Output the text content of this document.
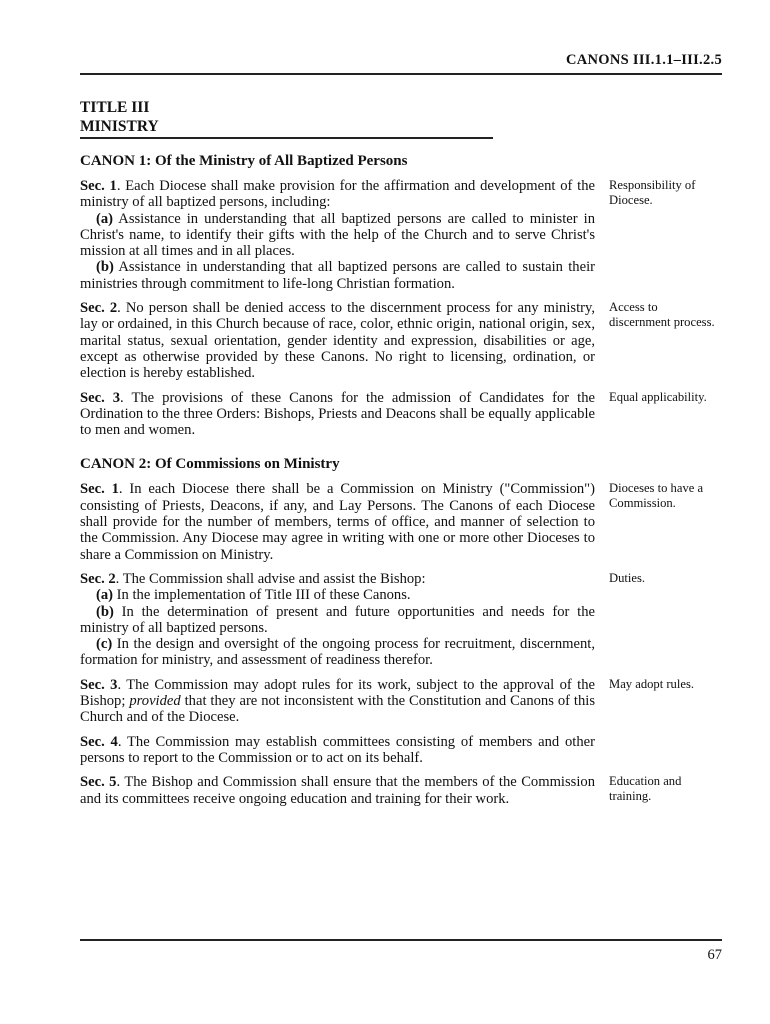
CANONS III.1.1–III.2.5
TITLE III
MINISTRY
CANON 1: Of the Ministry of All Baptized Persons

Sec. 1. Each Diocese shall make provision for the affirmation and development of the ministry of all baptized persons, including:

(a) Assistance in understanding that all baptized persons are called to minister in Christ's name, to identify their gifts with the help of the Church and to serve Christ's mission at all times and in all places.

(b) Assistance in understanding that all baptized persons are called to sustain their ministries through commitment to life-long Christian formation.

Responsibility of Diocese.

Sec. 2. No person shall be denied access to the discernment process for any ministry, lay or ordained, in this Church because of race, color, ethnic origin, national origin, sex, marital status, sexual orientation, gender identity and expression, disabilities or age, except as otherwise provided by these Canons. No right to licensing, ordination, or election is hereby established.

Access to discernment process.

Sec. 3. The provisions of these Canons for the admission of Candidates for the Ordination to the three Orders: Bishops, Priests and Deacons shall be equally applicable to men and women.

Equal applicability.
CANON 2: Of Commissions on Ministry

Sec. 1. In each Diocese there shall be a Commission on Ministry ("Commission") consisting of Priests, Deacons, if any, and Lay Persons. The Canons of each Diocese shall provide for the number of members, terms of office, and manner of selection to the Commission. Any Diocese may agree in writing with one or more other Dioceses to share a Commission on Ministry.

Dioceses to have a Commission.

Sec. 2. The Commission shall advise and assist the Bishop:

(a) In the implementation of Title III of these Canons.

(b) In the determination of present and future opportunities and needs for the ministry of all baptized persons.

(c) In the design and oversight of the ongoing process for recruitment, discernment, formation for ministry, and assessment of readiness therefor.

Duties.

Sec. 3. The Commission may adopt rules for its work, subject to the approval of the Bishop; provided that they are not inconsistent with the Constitution and Canons of this Church and of the Diocese.

May adopt rules.

Sec. 4. The Commission may establish committees consisting of members and other persons to report to the Commission or to act on its behalf.

Sec. 5. The Bishop and Commission shall ensure that the members of the Commission and its committees receive ongoing education and training for their work.

Education and training.
67
